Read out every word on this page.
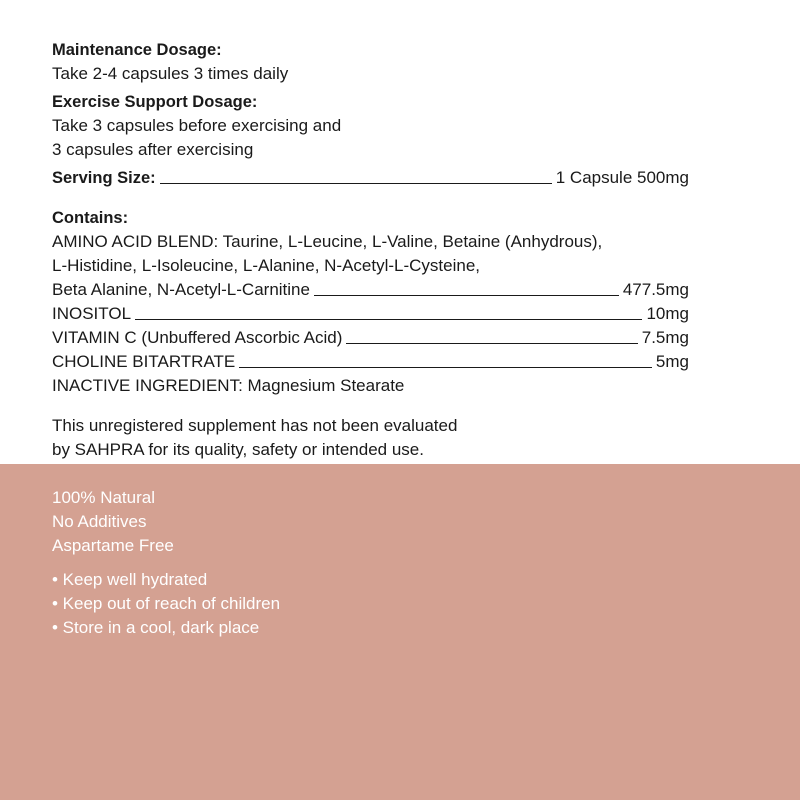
Maintenance Dosage:

Take 2-4 capsules 3 times daily

Exercise Support Dosage:

Take 3 capsules before exercising and

3 capsules after exercising

Serving Size:	1 Capsule 500mg

Contains:

AMINO ACID BLEND: Taurine, L-Leucine, L-Valine, Betaine (Anhydrous),

L-Histidine, L-Isoleucine, L-Alanine, N-Acetyl-L-Cysteine,

Beta Alanine, N-Acetyl-L-Carnitine	477.5mg
INOSITOL	10mg
VITAMIN C (Unbuffered Ascorbic Acid)	7.5mg
CHOLINE BITARTRATE	5mg

INACTIVE INGREDIENT: Magnesium Stearate

This unregistered supplement has not been evaluated

by SAHPRA for its quality, safety or intended use.

100% Natural

No Additives

Aspartame Free

• Keep well hydrated

• Keep out of reach of children

• Store in a cool, dark place
